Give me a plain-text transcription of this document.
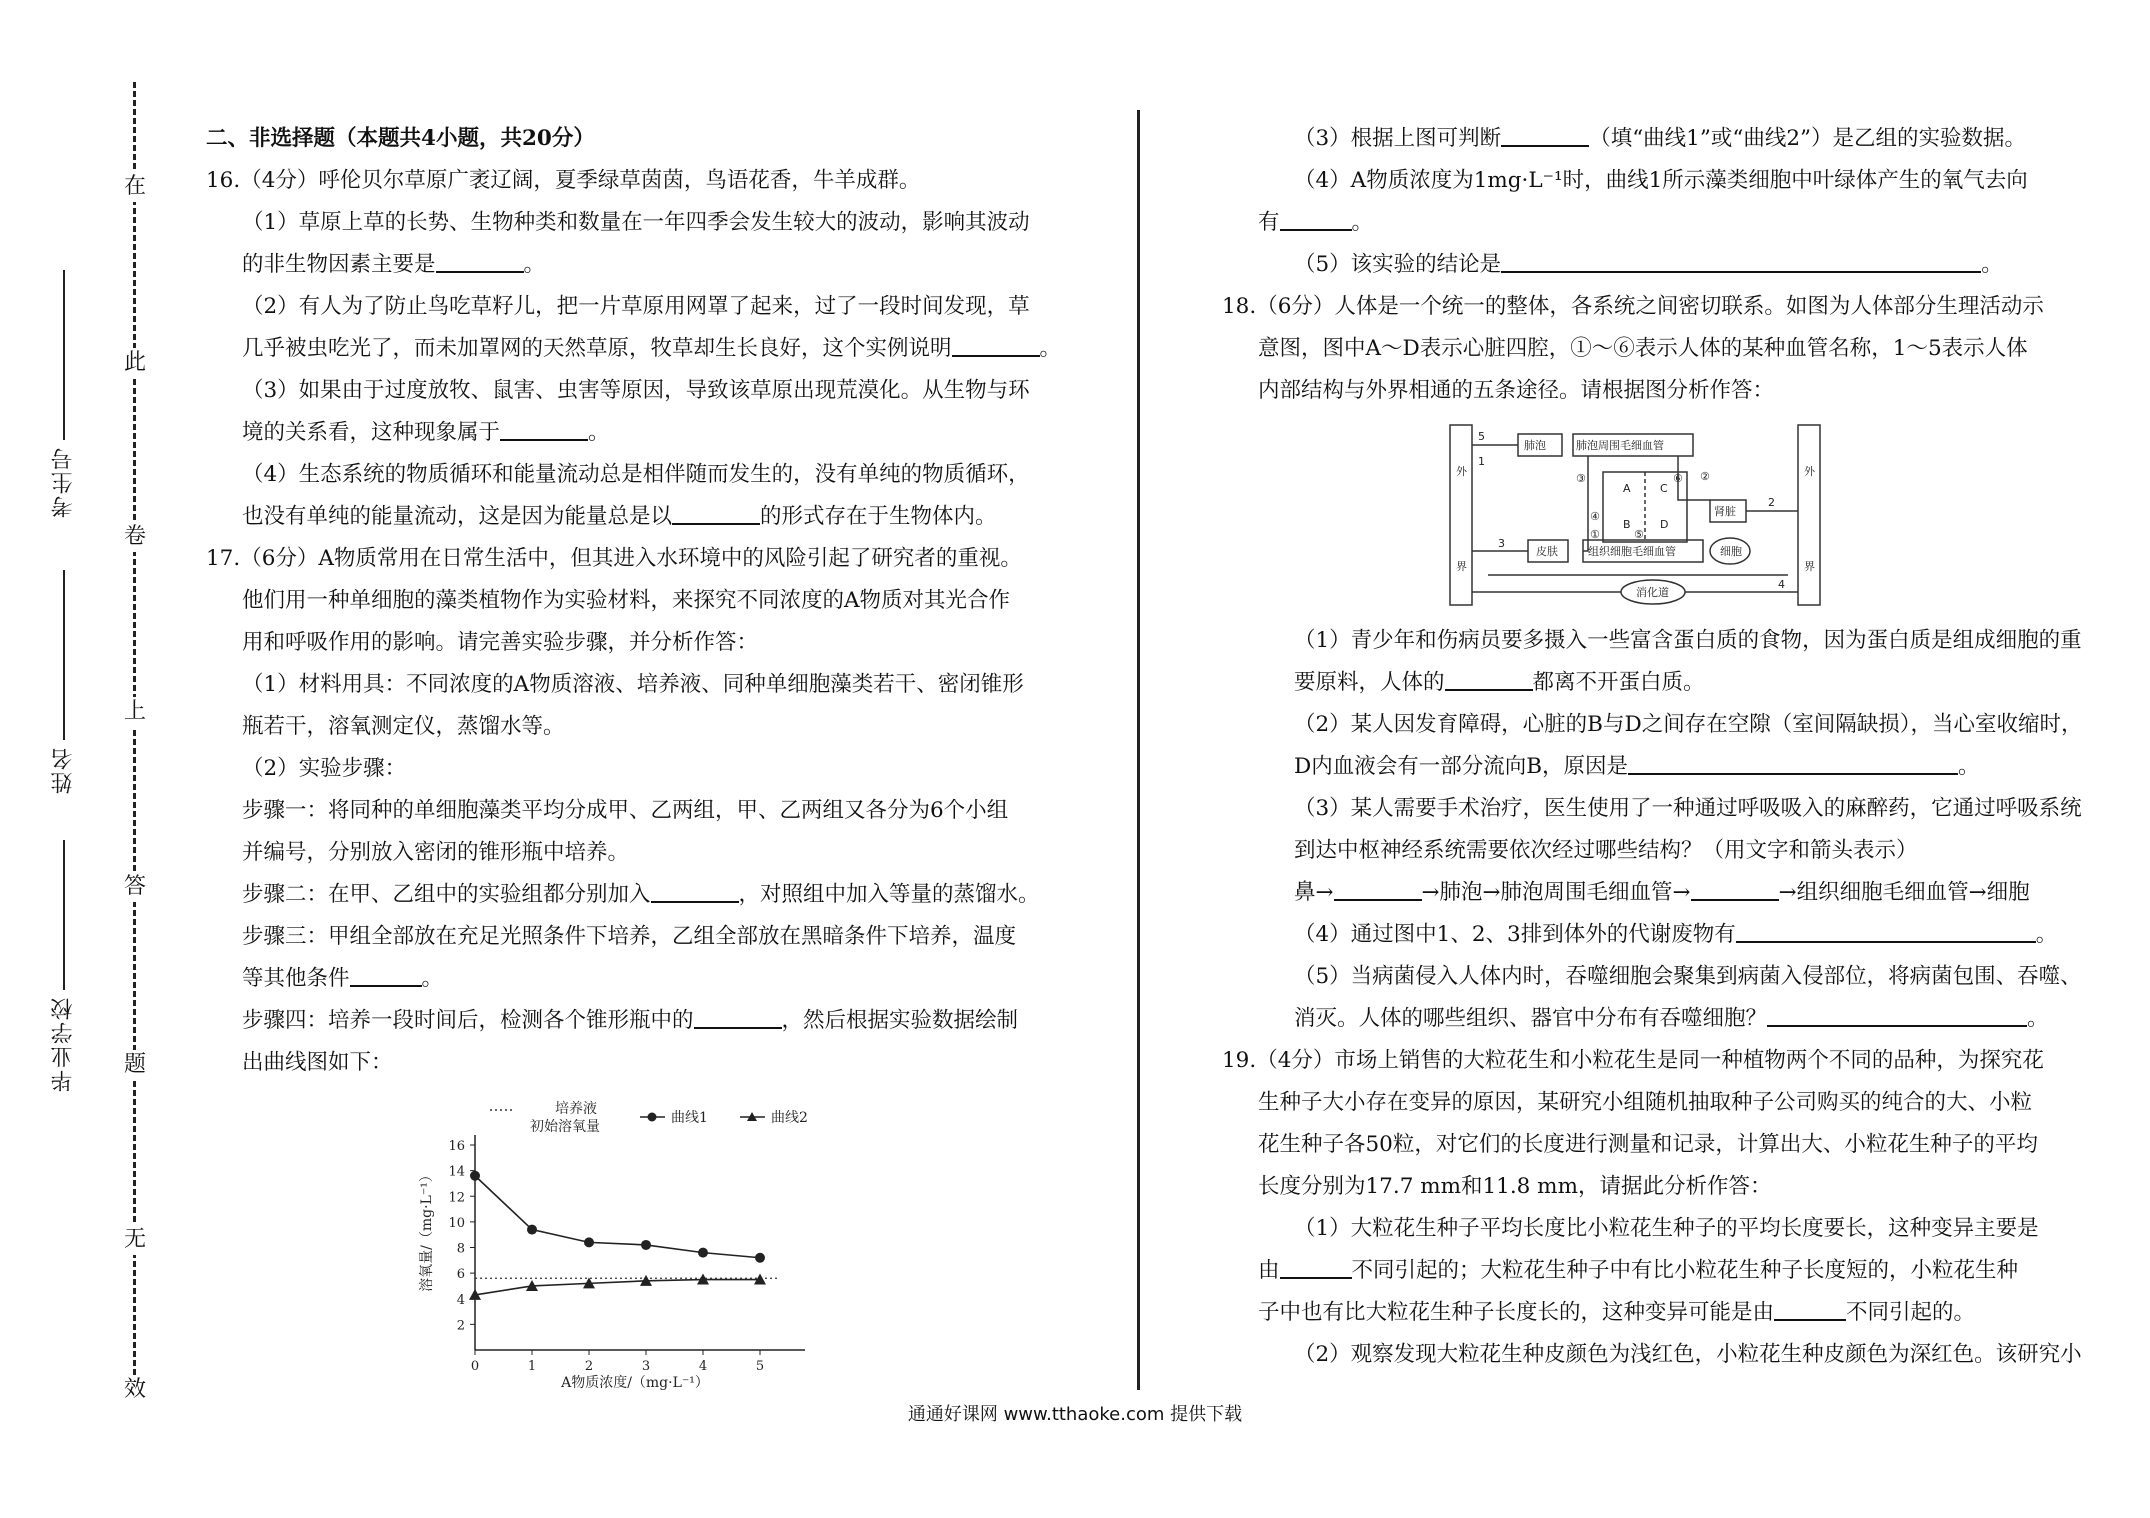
在
此
卷
上
答
题
无
效
考生号
姓名
毕业学校

二、非选择题（本题共4小题，共20分）

16.（4分）呼伦贝尔草原广袤辽阔，夏季绿草茵茵，鸟语花香，牛羊成群。

（1）草原上草的长势、生物种类和数量在一年四季会发生较大的波动，影响其波动

的非生物因素主要是	。

（2）有人为了防止鸟吃草籽儿，把一片草原用网罩了起来，过了一段时间发现，草

几乎被虫吃光了，而未加罩网的天然草原，牧草却生长良好，这个实例说明	。

（3）如果由于过度放牧、鼠害、虫害等原因，导致该草原出现荒漠化。从生物与环

境的关系看，这种现象属于	。

（4）生态系统的物质循环和能量流动总是相伴随而发生的，没有单纯的物质循环，

也没有单纯的能量流动，这是因为能量总是以	的形式存在于生物体内。

17.（6分）A物质常用在日常生活中，但其进入水环境中的风险引起了研究者的重视。

他们用一种单细胞的藻类植物作为实验材料，来探究不同浓度的A物质对其光合作

用和呼吸作用的影响。请完善实验步骤，并分析作答：

（1）材料用具：不同浓度的A物质溶液、培养液、同种单细胞藻类若干、密闭锥形

瓶若干，溶氧测定仪，蒸馏水等。

（2）实验步骤：

步骤一：将同种的单细胞藻类平均分成甲、乙两组，甲、乙两组又各分为6个小组

并编号，分别放入密闭的锥形瓶中培养。

步骤二：在甲、乙组中的实验组都分别加入	，对照组中加入等量的蒸馏水。

步骤三：甲组全部放在充足光照条件下培养，乙组全部放在黑暗条件下培养，温度

等其他条件	。

步骤四：培养一段时间后，检测各个锥形瓶中的	，然后根据实验数据绘制

出曲线图如下：

0	1	2	3	4	5
2
4
6
8
10
12
14
16
培养液
初始溶氧量
曲线1	曲线2
A物质浓度/（mg·L⁻¹）
溶氧量/（mg·L⁻¹）

（3）根据上图可判断	（填“曲线1”或“曲线2”）是乙组的实验数据。

（4）A物质浓度为1mg·L⁻¹时，曲线1所示藻类细胞中叶绿体产生的氧气去向

有	。

（5）该实验的结论是	。

18.（6分）人体是一个统一的整体，各系统之间密切联系。如图为人体部分生理活动示

意图，图中A～D表示心脏四腔，①～⑥表示人体的某种血管名称，1～5表示人体

内部结构与外界相通的五条途径。请根据图分析作答：

肺泡	肺泡周围毛细血管
外
界
外
界
A
B
C
D
肾脏
皮肤	组织细胞毛细血管	细胞
消化道
①
②
③
④
⑤
⑥
1
2
3
4
5

（1）青少年和伤病员要多摄入一些富含蛋白质的食物，因为蛋白质是组成细胞的重

要原料，人体的	都离不开蛋白质。

（2）某人因发育障碍，心脏的B与D之间存在空隙（室间隔缺损），当心室收缩时，

D内血液会有一部分流向B，原因是	。

（3）某人需要手术治疗，医生使用了一种通过呼吸吸入的麻醉药，它通过呼吸系统

到达中枢神经系统需要依次经过哪些结构？（用文字和箭头表示）

鼻→	→肺泡→肺泡周围毛细血管→	→组织细胞毛细血管→细胞

（4）通过图中1、2、3排到体外的代谢废物有	。

（5）当病菌侵入人体内时，吞噬细胞会聚集到病菌入侵部位，将病菌包围、吞噬、

消灭。人体的哪些组织、器官中分布有吞噬细胞？	。

19.（4分）市场上销售的大粒花生和小粒花生是同一种植物两个不同的品种，为探究花

生种子大小存在变异的原因，某研究小组随机抽取种子公司购买的纯合的大、小粒

花生种子各50粒，对它们的长度进行测量和记录，计算出大、小粒花生种子的平均

长度分别为17.7 mm和11.8 mm，请据此分析作答：

（1）大粒花生种子平均长度比小粒花生种子的平均长度要长，这种变异主要是

由	不同引起的；大粒花生种子中有比小粒花生种子长度短的，小粒花生种

子中也有比大粒花生种子长度长的，这种变异可能是由	不同引起的。

（2）观察发现大粒花生种皮颜色为浅红色，小粒花生种皮颜色为深红色。该研究小

通通好课网 www.tthaoke.com 提供下载
